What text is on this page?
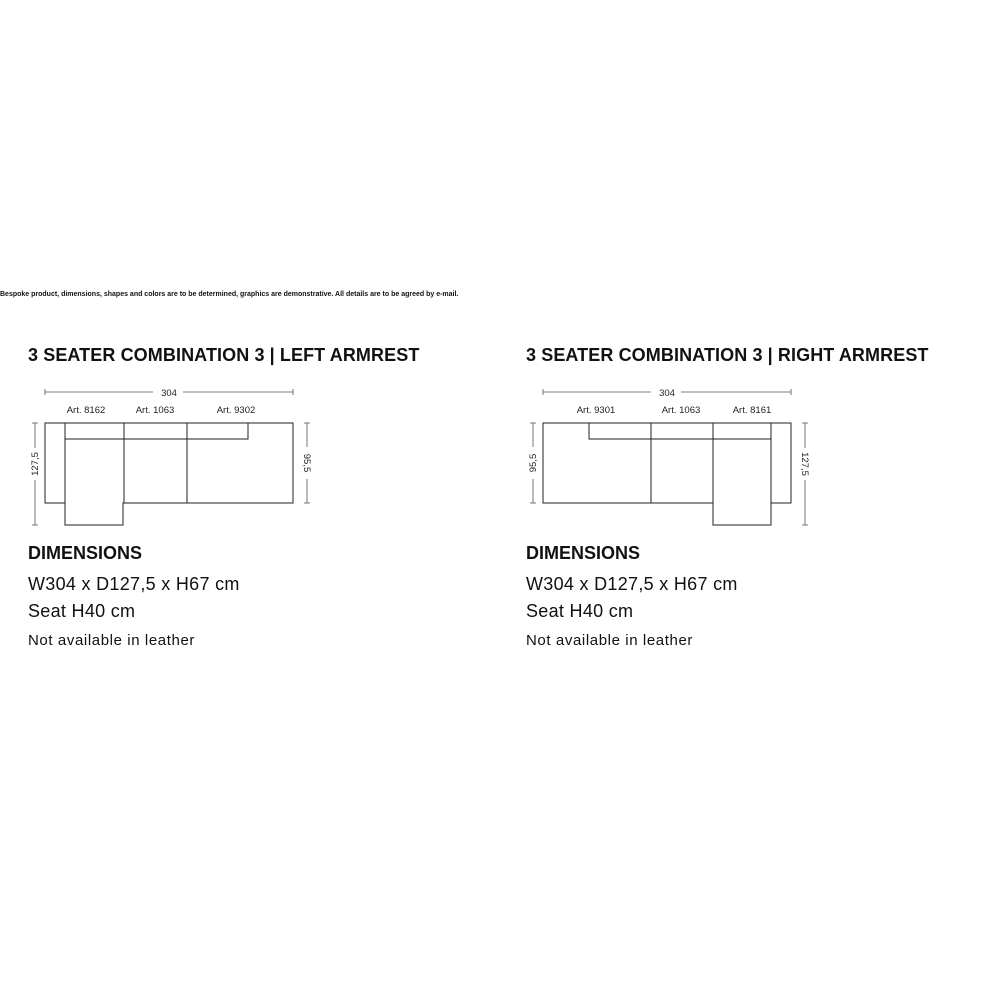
Bespoke product, dimensions, shapes and colors are to be determined, graphics are demonstrative. All details are to be agreed by e-mail.
3 SEATER COMBINATION 3 | LEFT ARMREST
304
Art. 8162	Art. 1063	Art. 9302
127,5	95,5
DIMENSIONS
W304 x D127,5 x H67 cm
Seat H40 cm
Not available in leather
3 SEATER COMBINATION 3 | RIGHT ARMREST
304
Art. 9301	Art. 1063	Art. 8161
95,5	127,5
DIMENSIONS
W304 x D127,5 x H67 cm
Seat H40 cm
Not available in leather
